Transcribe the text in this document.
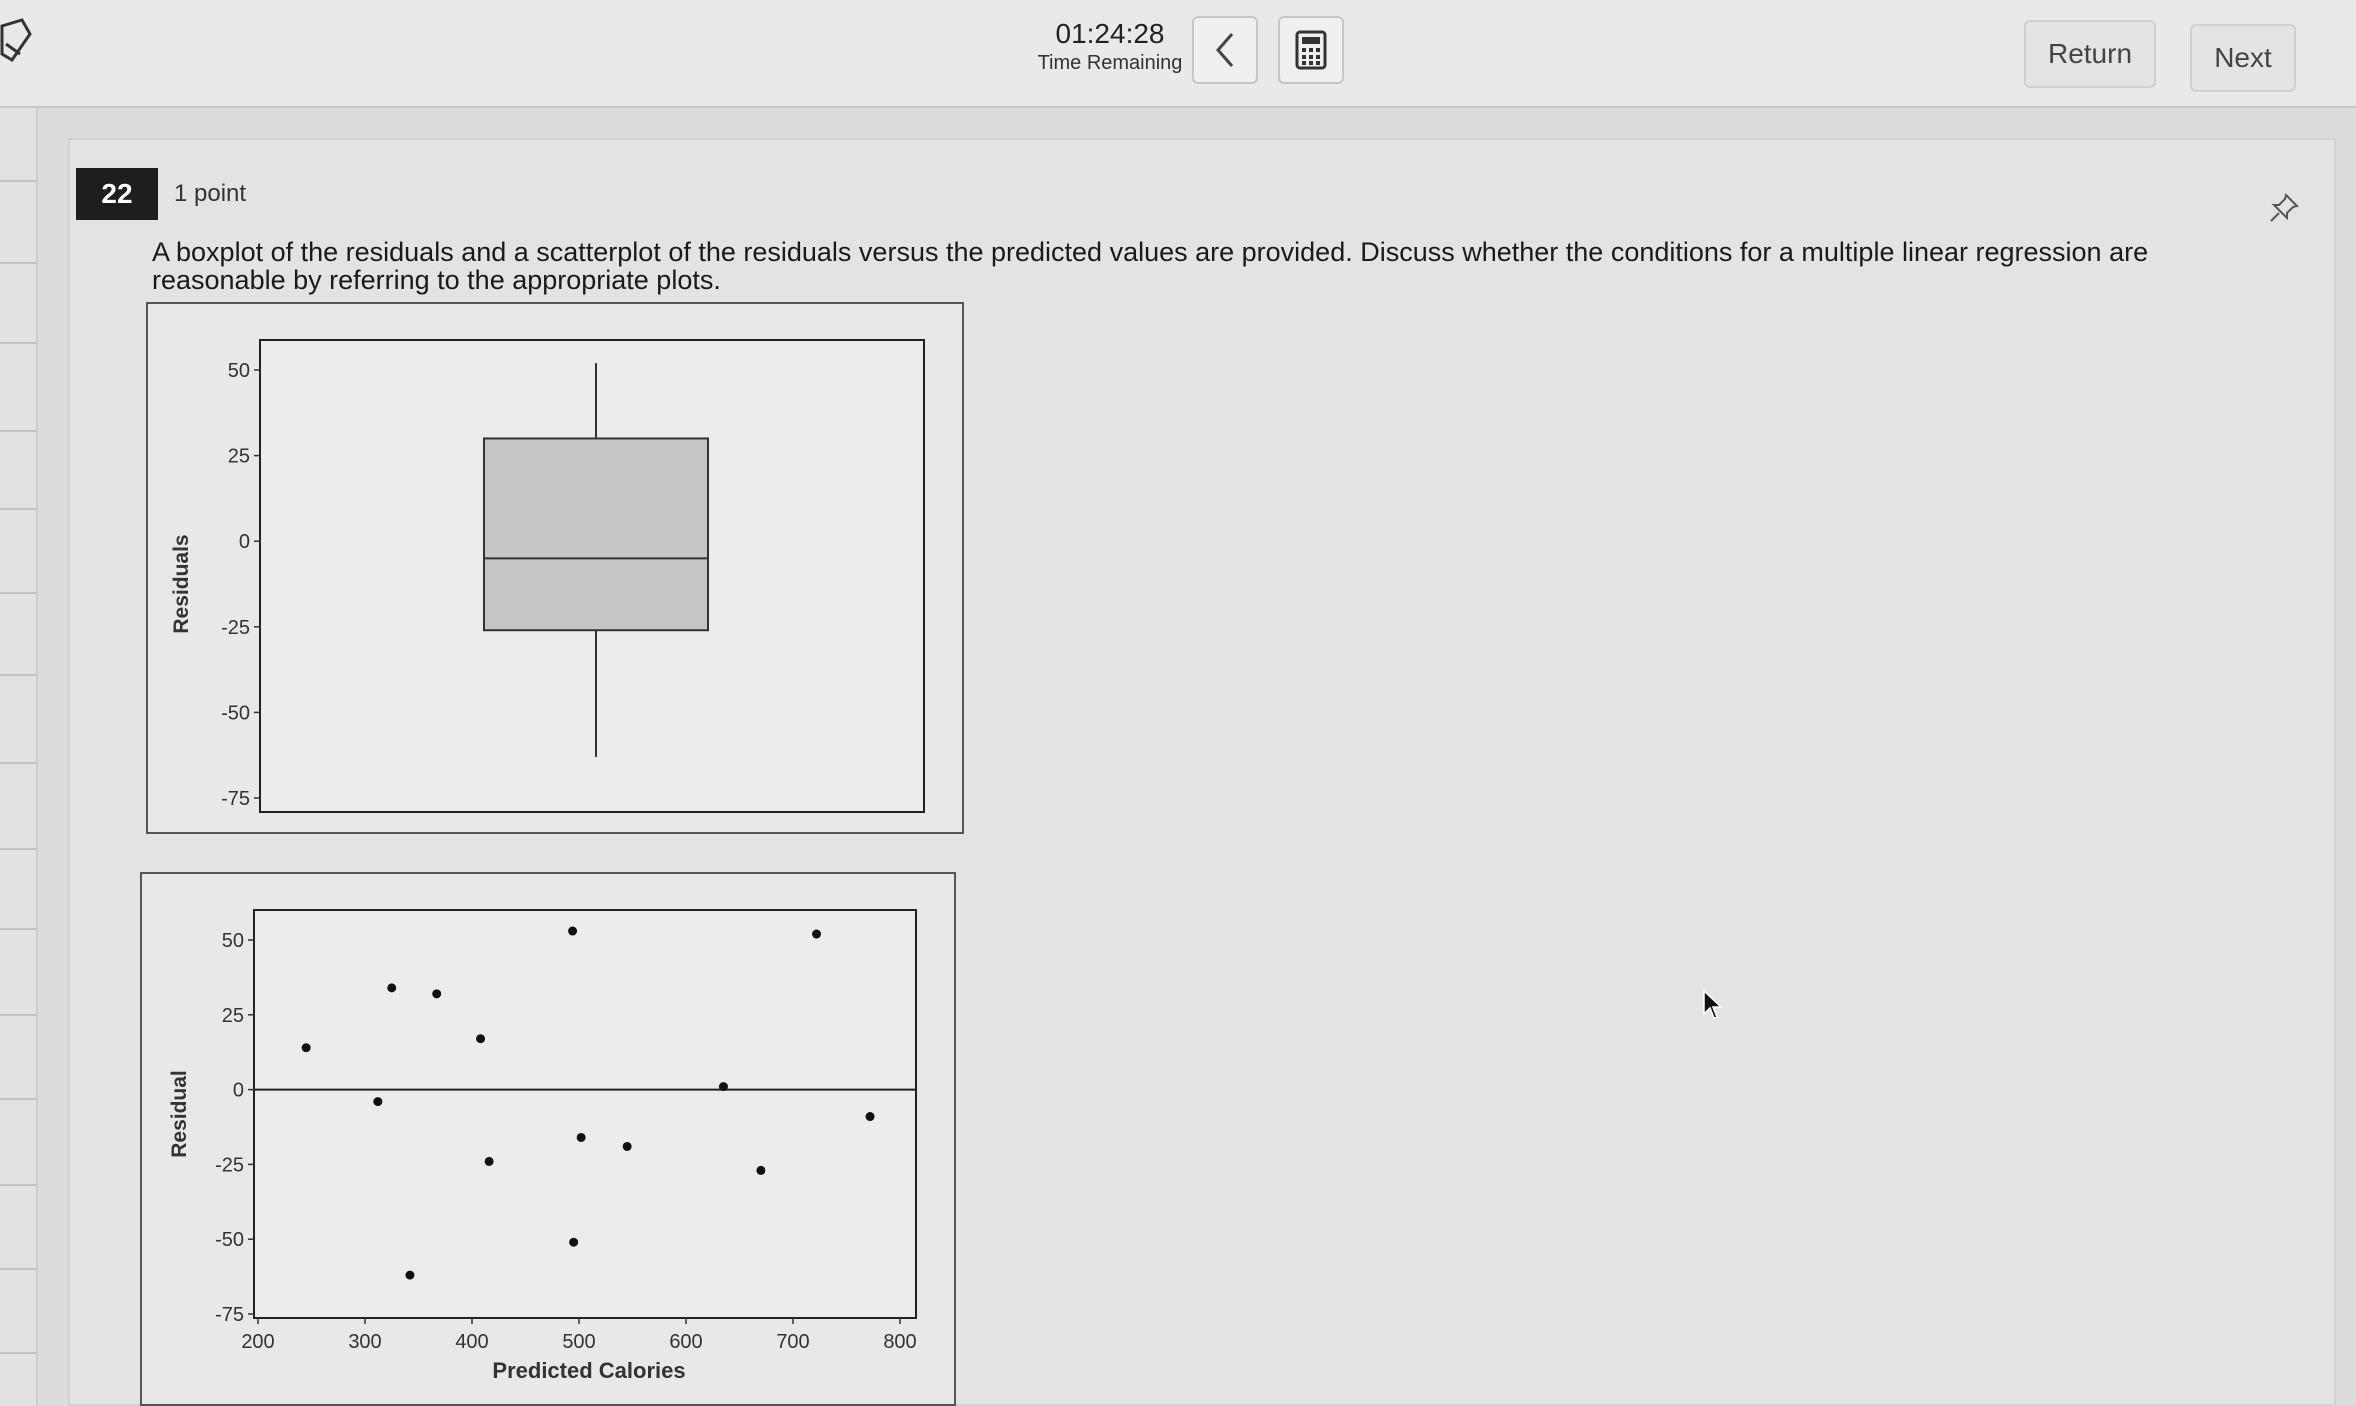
01:24:28
Time Remaining	Return	Next
22	1 point
A boxplot of the residuals and a scatterplot of the residuals versus the predicted values are provided. Discuss whether the conditions for a multiple linear regression are reasonable by referring to the appropriate plots.
50
25
0
-25
-50
-75
Residuals
50
25
0
-25
-50
-75
200	300	400	500	600	700	800
Residual
Predicted Calories
